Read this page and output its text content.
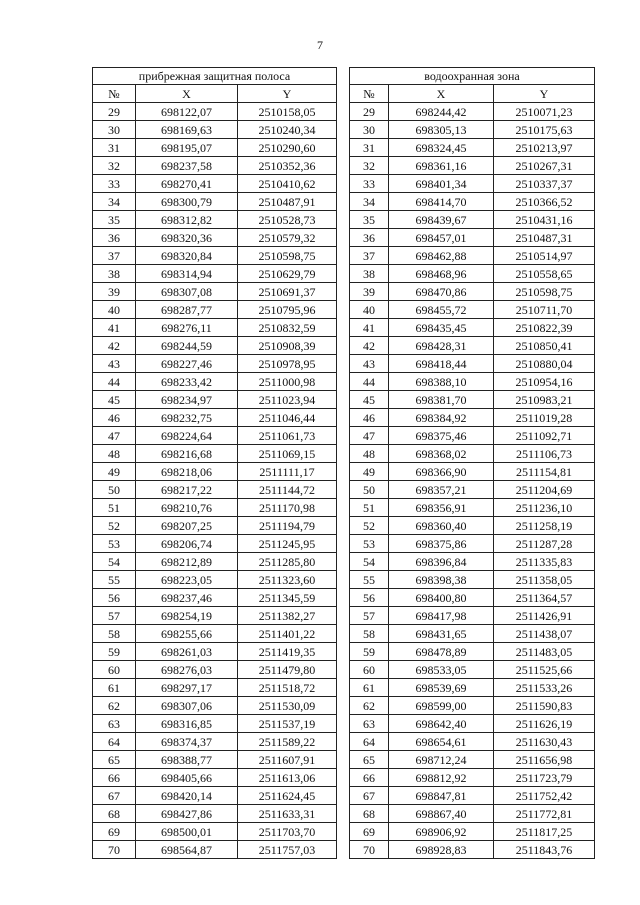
7
прибрежная защитная полоса		
№	X	Y
29	698122,07	2510158,05
30	698169,63	2510240,34
31	698195,07	2510290,60
32	698237,58	2510352,36
33	698270,41	2510410,62
34	698300,79	2510487,91
35	698312,82	2510528,73
36	698320,36	2510579,32
37	698320,84	2510598,75
38	698314,94	2510629,79
39	698307,08	2510691,37
40	698287,77	2510795,96
41	698276,11	2510832,59
42	698244,59	2510908,39
43	698227,46	2510978,95
44	698233,42	2511000,98
45	698234,97	2511023,94
46	698232,75	2511046,44
47	698224,64	2511061,73
48	698216,68	2511069,15
49	698218,06	2511111,17
50	698217,22	2511144,72
51	698210,76	2511170,98
52	698207,25	2511194,79
53	698206,74	2511245,95
54	698212,89	2511285,80
55	698223,05	2511323,60
56	698237,46	2511345,59
57	698254,19	2511382,27
58	698255,66	2511401,22
59	698261,03	2511419,35
60	698276,03	2511479,80
61	698297,17	2511518,72
62	698307,06	2511530,09
63	698316,85	2511537,19
64	698374,37	2511589,22
65	698388,77	2511607,91
66	698405,66	2511613,06
67	698420,14	2511624,45
68	698427,86	2511633,31
69	698500,01	2511703,70
70	698564,87	2511757,03
водоохранная зона		
№	X	Y
29	698244,42	2510071,23
30	698305,13	2510175,63
31	698324,45	2510213,97
32	698361,16	2510267,31
33	698401,34	2510337,37
34	698414,70	2510366,52
35	698439,67	2510431,16
36	698457,01	2510487,31
37	698462,88	2510514,97
38	698468,96	2510558,65
39	698470,86	2510598,75
40	698455,72	2510711,70
41	698435,45	2510822,39
42	698428,31	2510850,41
43	698418,44	2510880,04
44	698388,10	2510954,16
45	698381,70	2510983,21
46	698384,92	2511019,28
47	698375,46	2511092,71
48	698368,02	2511106,73
49	698366,90	2511154,81
50	698357,21	2511204,69
51	698356,91	2511236,10
52	698360,40	2511258,19
53	698375,86	2511287,28
54	698396,84	2511335,83
55	698398,38	2511358,05
56	698400,80	2511364,57
57	698417,98	2511426,91
58	698431,65	2511438,07
59	698478,89	2511483,05
60	698533,05	2511525,66
61	698539,69	2511533,26
62	698599,00	2511590,83
63	698642,40	2511626,19
64	698654,61	2511630,43
65	698712,24	2511656,98
66	698812,92	2511723,79
67	698847,81	2511752,42
68	698867,40	2511772,81
69	698906,92	2511817,25
70	698928,83	2511843,76
